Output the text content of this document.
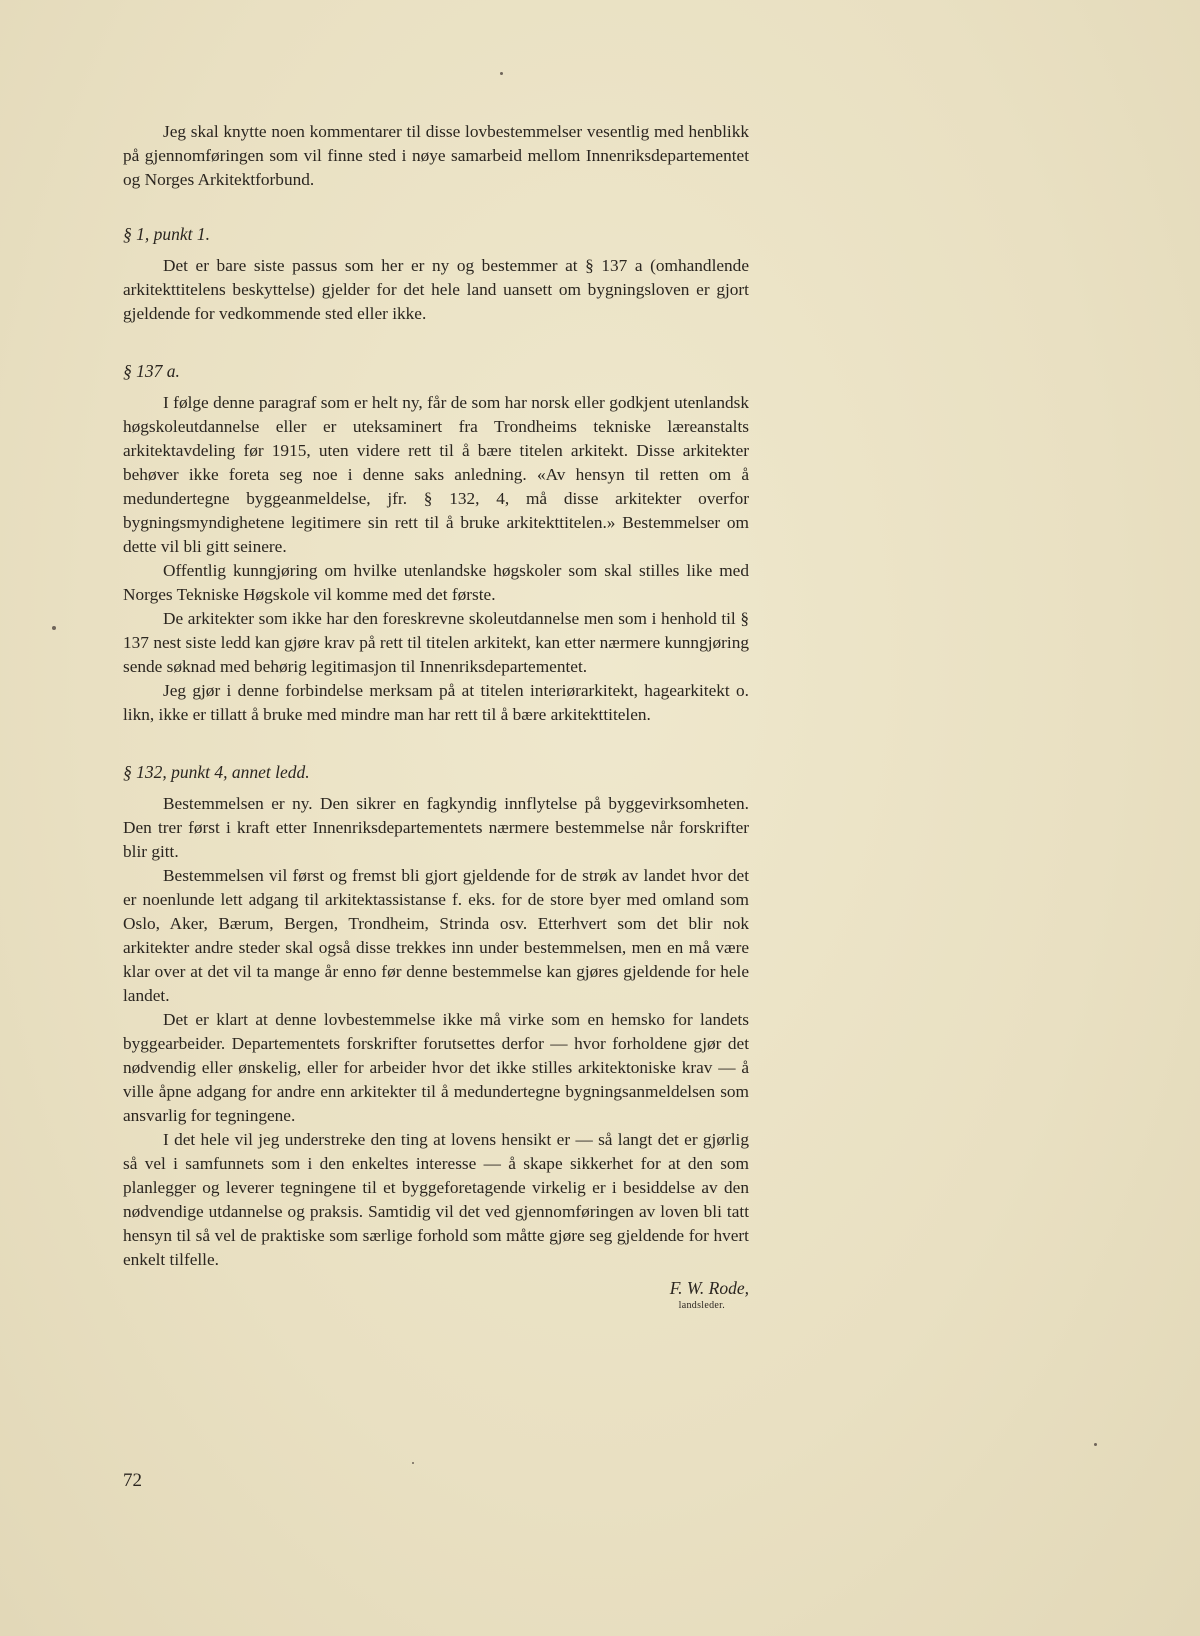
Jeg skal knytte noen kommentarer til disse lovbestemmelser vesentlig med henblikk på gjennomføringen som vil finne sted i nøye samarbeid mellom Innenriksdepartementet og Norges Arkitektforbund.

§ 1, punkt 1.

Det er bare siste passus som her er ny og bestemmer at § 137 a (omhandlende arkitekttitelens beskyttelse) gjelder for det hele land uansett om bygningsloven er gjort gjeldende for vedkommende sted eller ikke.

§ 137 a.

I følge denne paragraf som er helt ny, får de som har norsk eller godkjent utenlandsk høgskoleutdannelse eller er uteksaminert fra Trondheims tekniske læreanstalts arkitektavdeling før 1915, uten videre rett til å bære titelen arkitekt. Disse arkitekter behøver ikke foreta seg noe i denne saks anledning. «Av hensyn til retten om å medundertegne byggeanmeldelse, jfr. § 132, 4, må disse arkitekter overfor bygningsmyndighetene legitimere sin rett til å bruke arkitekttitelen.» Bestemmelser om dette vil bli gitt seinere.

Offentlig kunngjøring om hvilke utenlandske høgskoler som skal stilles like med Norges Tekniske Høgskole vil komme med det første.

De arkitekter som ikke har den foreskrevne skoleutdannelse men som i henhold til § 137 nest siste ledd kan gjøre krav på rett til titelen arkitekt, kan etter nærmere kunngjøring sende søknad med behørig legitimasjon til Innenriksdepartementet.

Jeg gjør i denne forbindelse merksam på at titelen interiørarkitekt, hagearkitekt o. likn, ikke er tillatt å bruke med mindre man har rett til å bære arkitekttitelen.

§ 132, punkt 4, annet ledd.

Bestemmelsen er ny. Den sikrer en fagkyndig innflytelse på byggevirksomheten. Den trer først i kraft etter Innenriksdepartementets nærmere bestemmelse når forskrifter blir gitt.

Bestemmelsen vil først og fremst bli gjort gjeldende for de strøk av landet hvor det er noenlunde lett adgang til arkitektassistanse f. eks. for de store byer med omland som Oslo, Aker, Bærum, Bergen, Trondheim, Strinda osv. Etterhvert som det blir nok arkitekter andre steder skal også disse trekkes inn under bestemmelsen, men en må være klar over at det vil ta mange år enno før denne bestemmelse kan gjøres gjeldende for hele landet.

Det er klart at denne lovbestemmelse ikke må virke som en hemsko for landets byggearbeider. Departementets forskrifter forutsettes derfor — hvor forholdene gjør det nødvendig eller ønskelig, eller for arbeider hvor det ikke stilles arkitektoniske krav — å ville åpne adgang for andre enn arkitekter til å medundertegne bygningsanmeldelsen som ansvarlig for tegningene.

I det hele vil jeg understreke den ting at lovens hensikt er — så langt det er gjørlig så vel i samfunnets som i den enkeltes interesse — å skape sikkerhet for at den som planlegger og leverer tegningene til et byggeforetagende virkelig er i besiddelse av den nødvendige utdannelse og praksis. Samtidig vil det ved gjennomføringen av loven bli tatt hensyn til så vel de praktiske som særlige forhold som måtte gjøre seg gjeldende for hvert enkelt tilfelle.

F. W. Rode,

landsleder.

72
